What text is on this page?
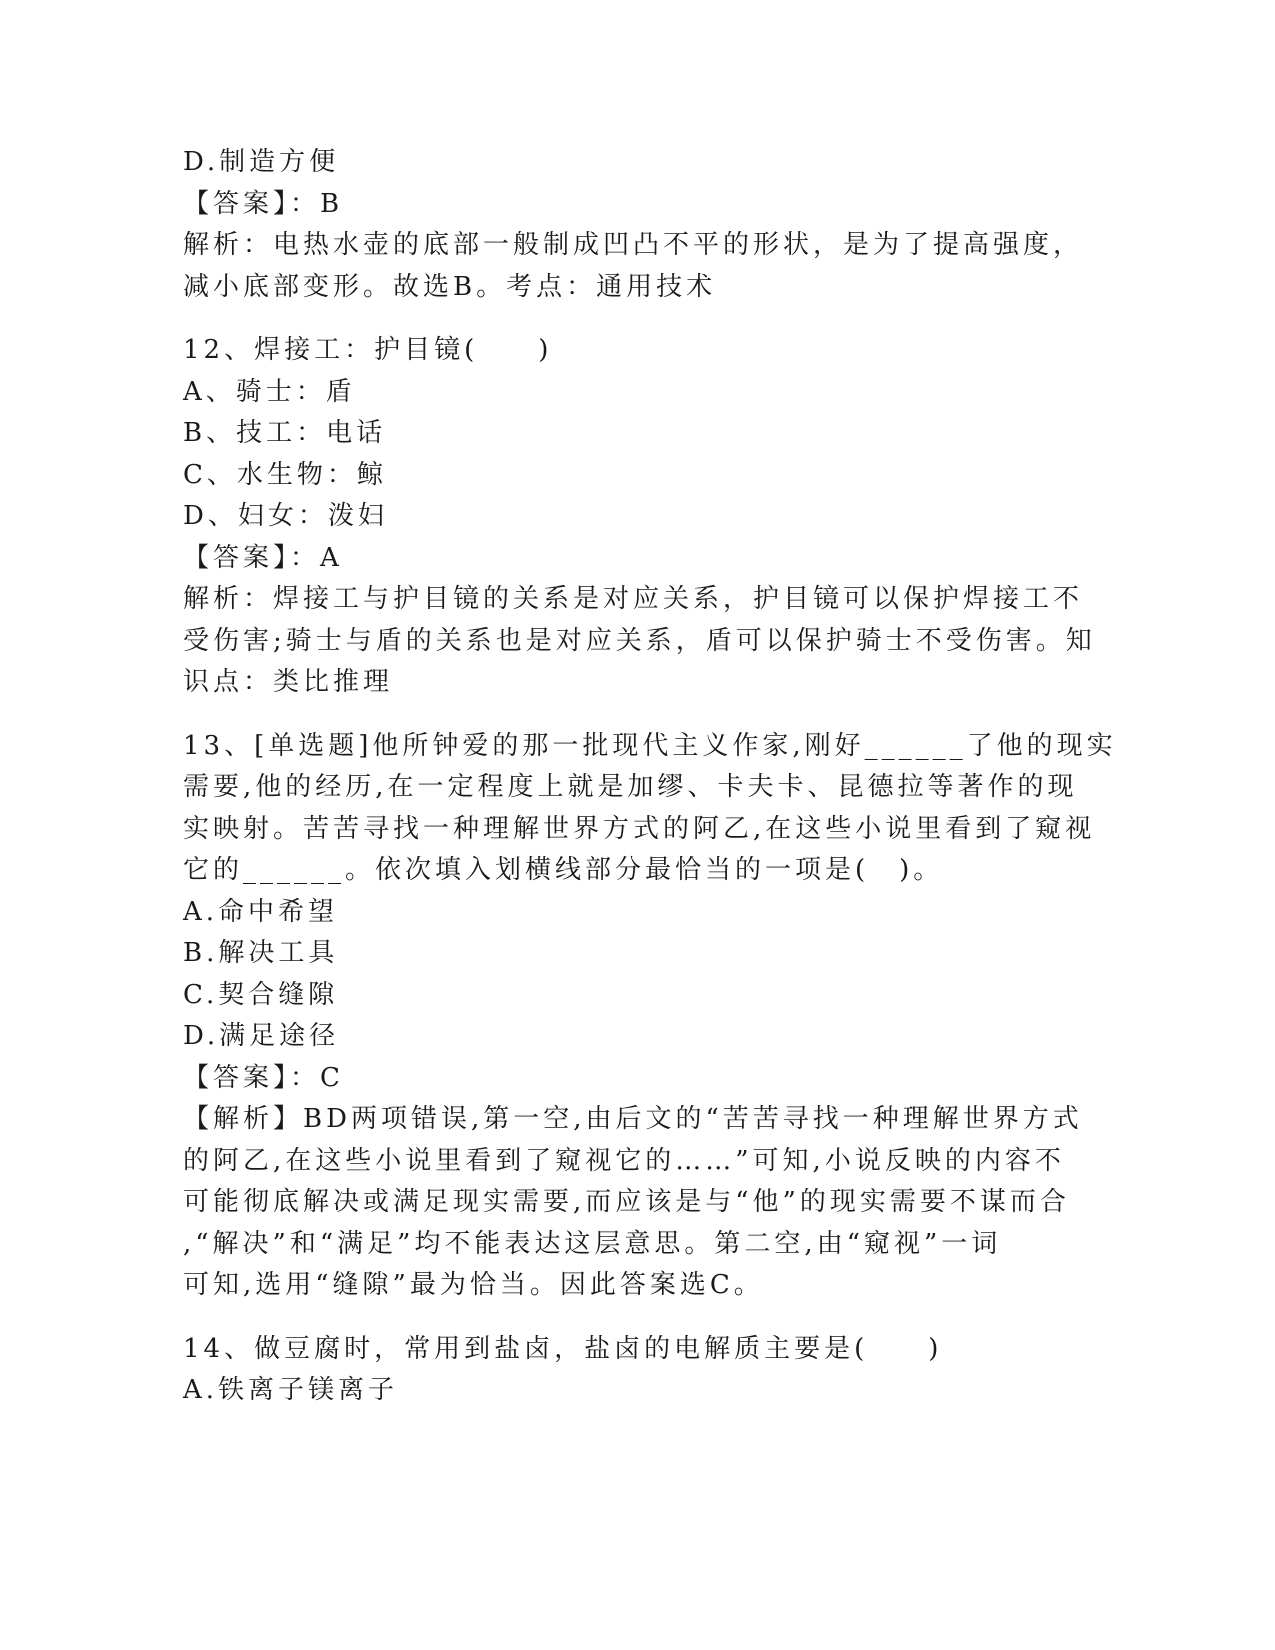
D.制造方便

【答案】：B

解析：电热水壶的底部一般制成凹凸不平的形状，是为了提高强度，

减小底部变形。故选B。考点：通用技术

12、焊接工：护目镜(　　)

A、骑士：盾

B、技工：电话

C、水生物：鲸

D、妇女：泼妇

【答案】：A

解析：焊接工与护目镜的关系是对应关系，护目镜可以保护焊接工不

受伤害;骑士与盾的关系也是对应关系，盾可以保护骑士不受伤害。知

识点：类比推理

13、[单选题]他所钟爱的那一批现代主义作家,刚好______了他的现实

需要,他的经历,在一定程度上就是加缪、卡夫卡、昆德拉等著作的现

实映射。苦苦寻找一种理解世界方式的阿乙,在这些小说里看到了窥视

它的______。依次填入划横线部分最恰当的一项是(　)。

A.命中希望

B.解决工具

C.契合缝隙

D.满足途径

【答案】：C

【解析】BD两项错误,第一空,由后文的“苦苦寻找一种理解世界方式

的阿乙,在这些小说里看到了窥视它的……”可知,小说反映的内容不

可能彻底解决或满足现实需要,而应该是与“他”的现实需要不谋而合

,“解决”和“满足”均不能表达这层意思。第二空,由“窥视”一词

可知,选用“缝隙”最为恰当。因此答案选C。

14、做豆腐时，常用到盐卤，盐卤的电解质主要是(　　)

A.铁离子镁离子
